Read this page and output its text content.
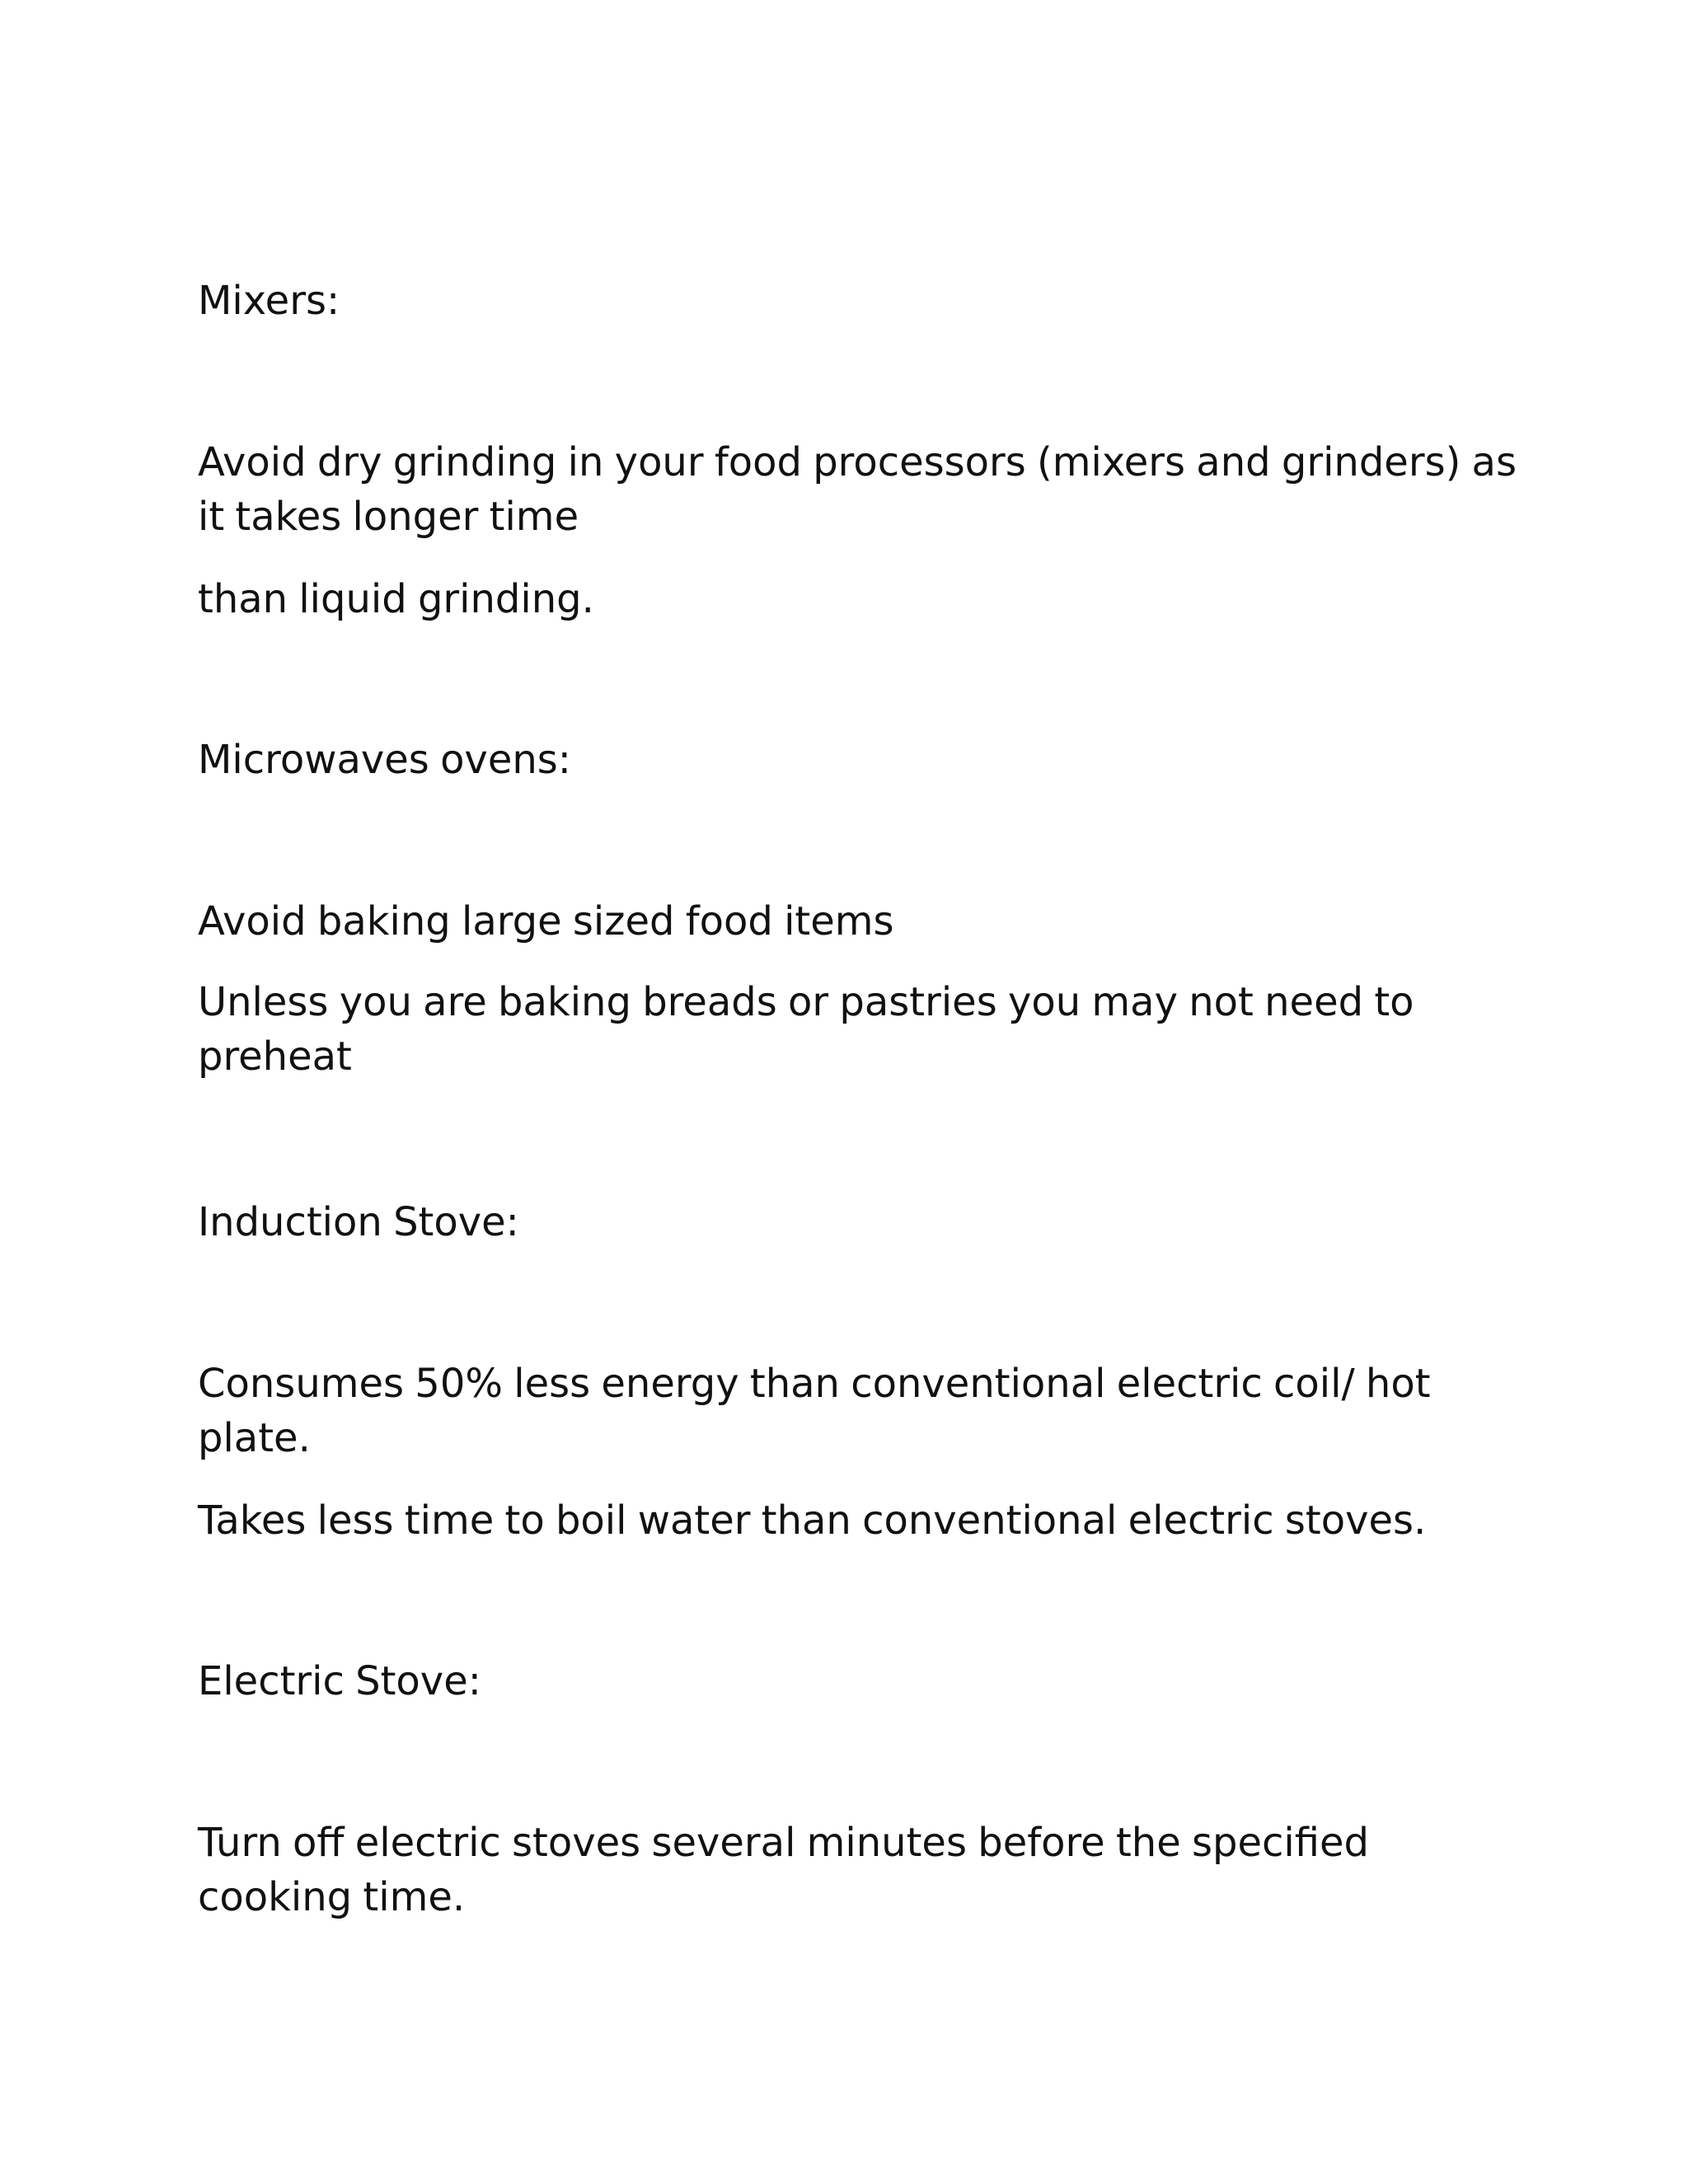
Mixers:

Avoid dry grinding in your food processors (mixers and grinders) as it takes longer time

than liquid grinding.

Microwaves ovens:

Avoid baking large sized food items

Unless you are baking breads or pastries you may not need to preheat

Induction Stove:

Consumes 50% less energy than conventional electric coil/ hot plate.

Takes less time to boil water than conventional electric stoves.

Electric Stove:

Turn off electric stoves several minutes before the specified cooking time.
